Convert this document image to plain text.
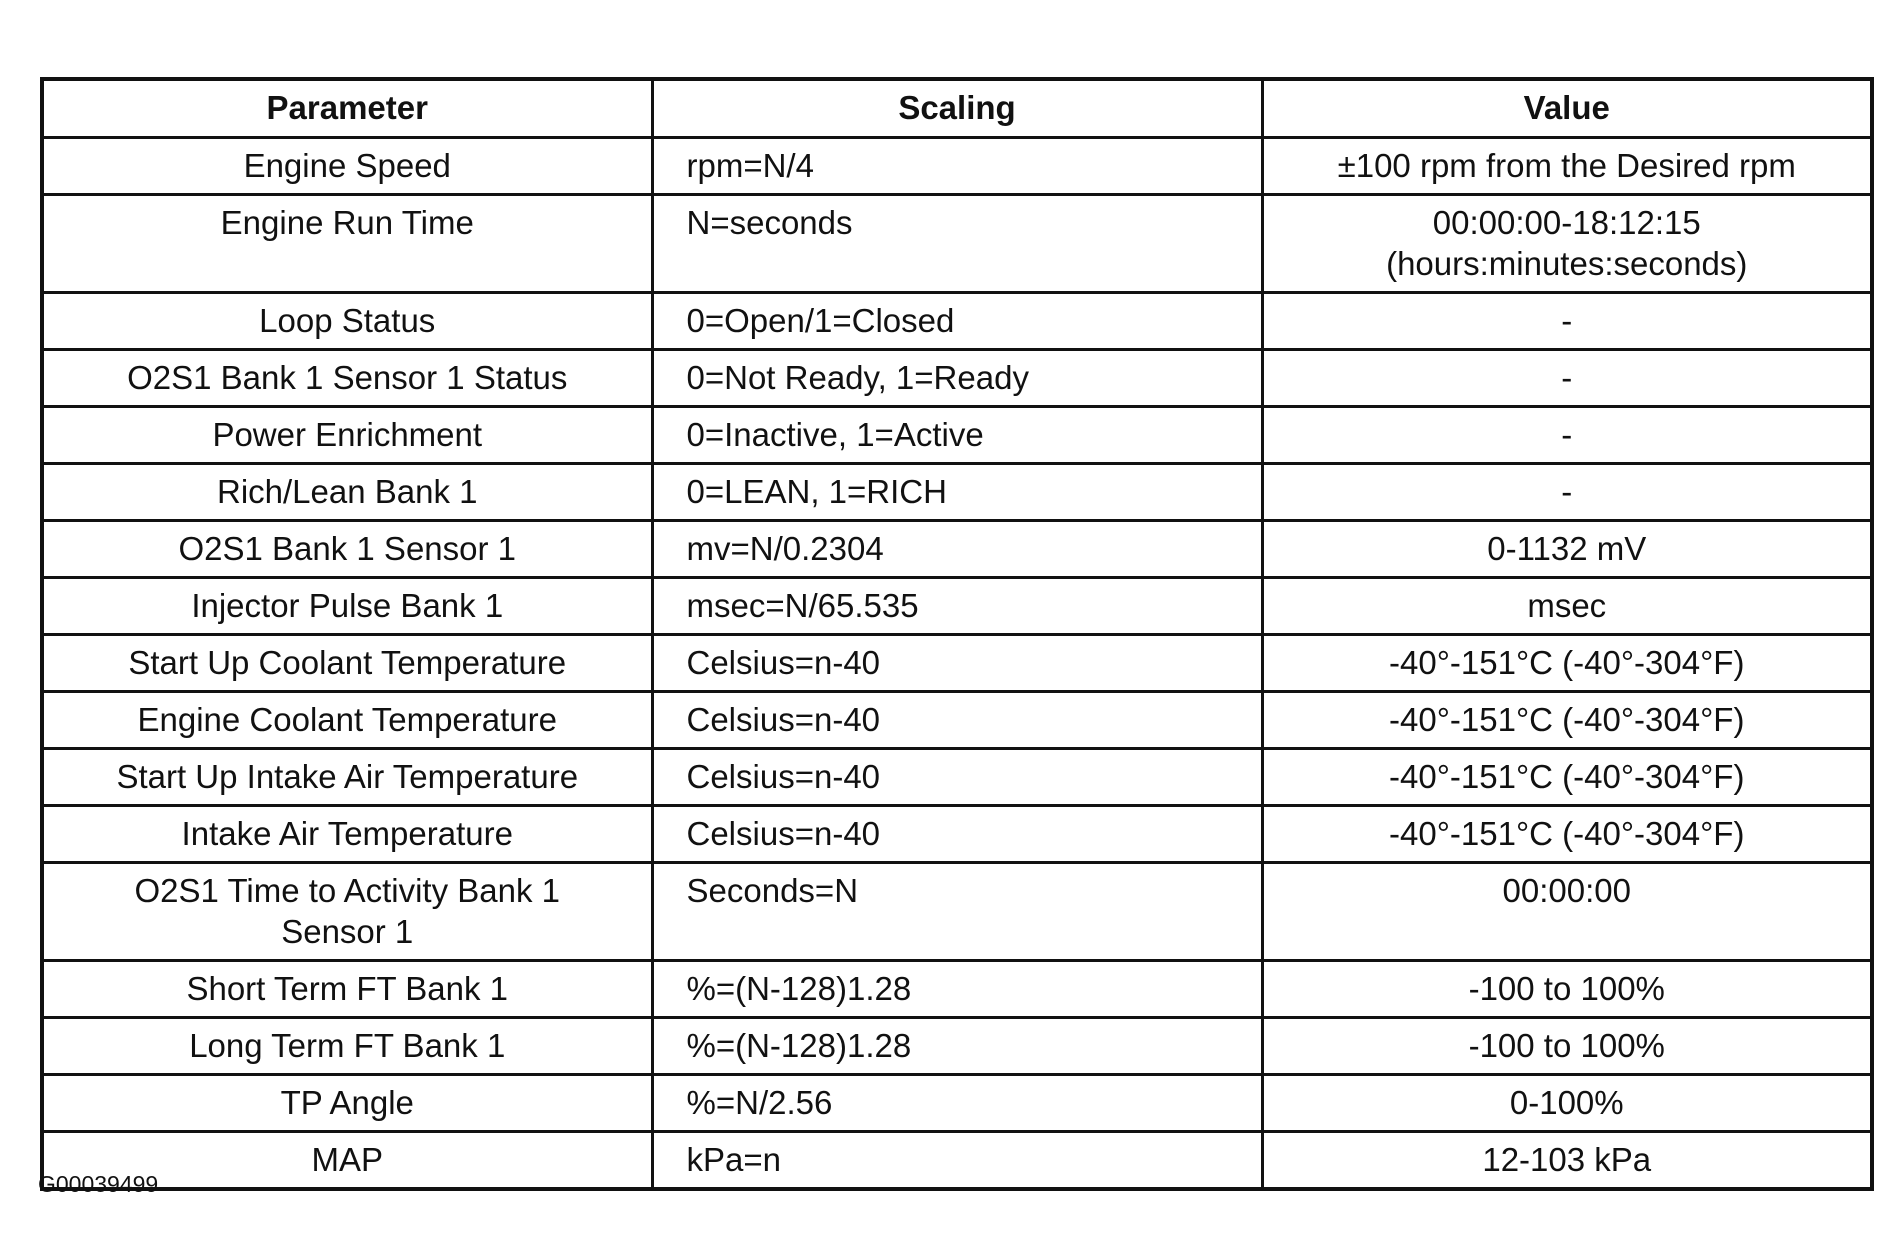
Parameter	Scaling	Value

Engine Speed	rpm=N/4	±100 rpm from the Desired rpm

Engine Run Time	N=seconds	00:00:00-18:12:15
(hours:minutes:seconds)

Loop Status	0=Open/1=Closed	-

O2S1 Bank 1 Sensor 1 Status	0=Not Ready, 1=Ready	-

Power Enrichment	0=Inactive, 1=Active	-

Rich/Lean Bank 1	0=LEAN, 1=RICH	-

O2S1 Bank 1 Sensor 1	mv=N/0.2304	0-1132 mV

Injector Pulse Bank 1	msec=N/65.535	msec

Start Up Coolant Temperature	Celsius=n-40	-40°-151°C (-40°-304°F)

Engine Coolant Temperature	Celsius=n-40	-40°-151°C (-40°-304°F)

Start Up Intake Air Temperature	Celsius=n-40	-40°-151°C (-40°-304°F)

Intake Air Temperature	Celsius=n-40	-40°-151°C (-40°-304°F)

O2S1 Time to Activity Bank 1
Sensor 1	Seconds=N	00:00:00

Short Term FT Bank 1	%=(N-128)1.28	-100 to 100%

Long Term FT Bank 1	%=(N-128)1.28	-100 to 100%

TP Angle	%=N/2.56	0-100%

MAP	kPa=n	12-103 kPa
G00039499
